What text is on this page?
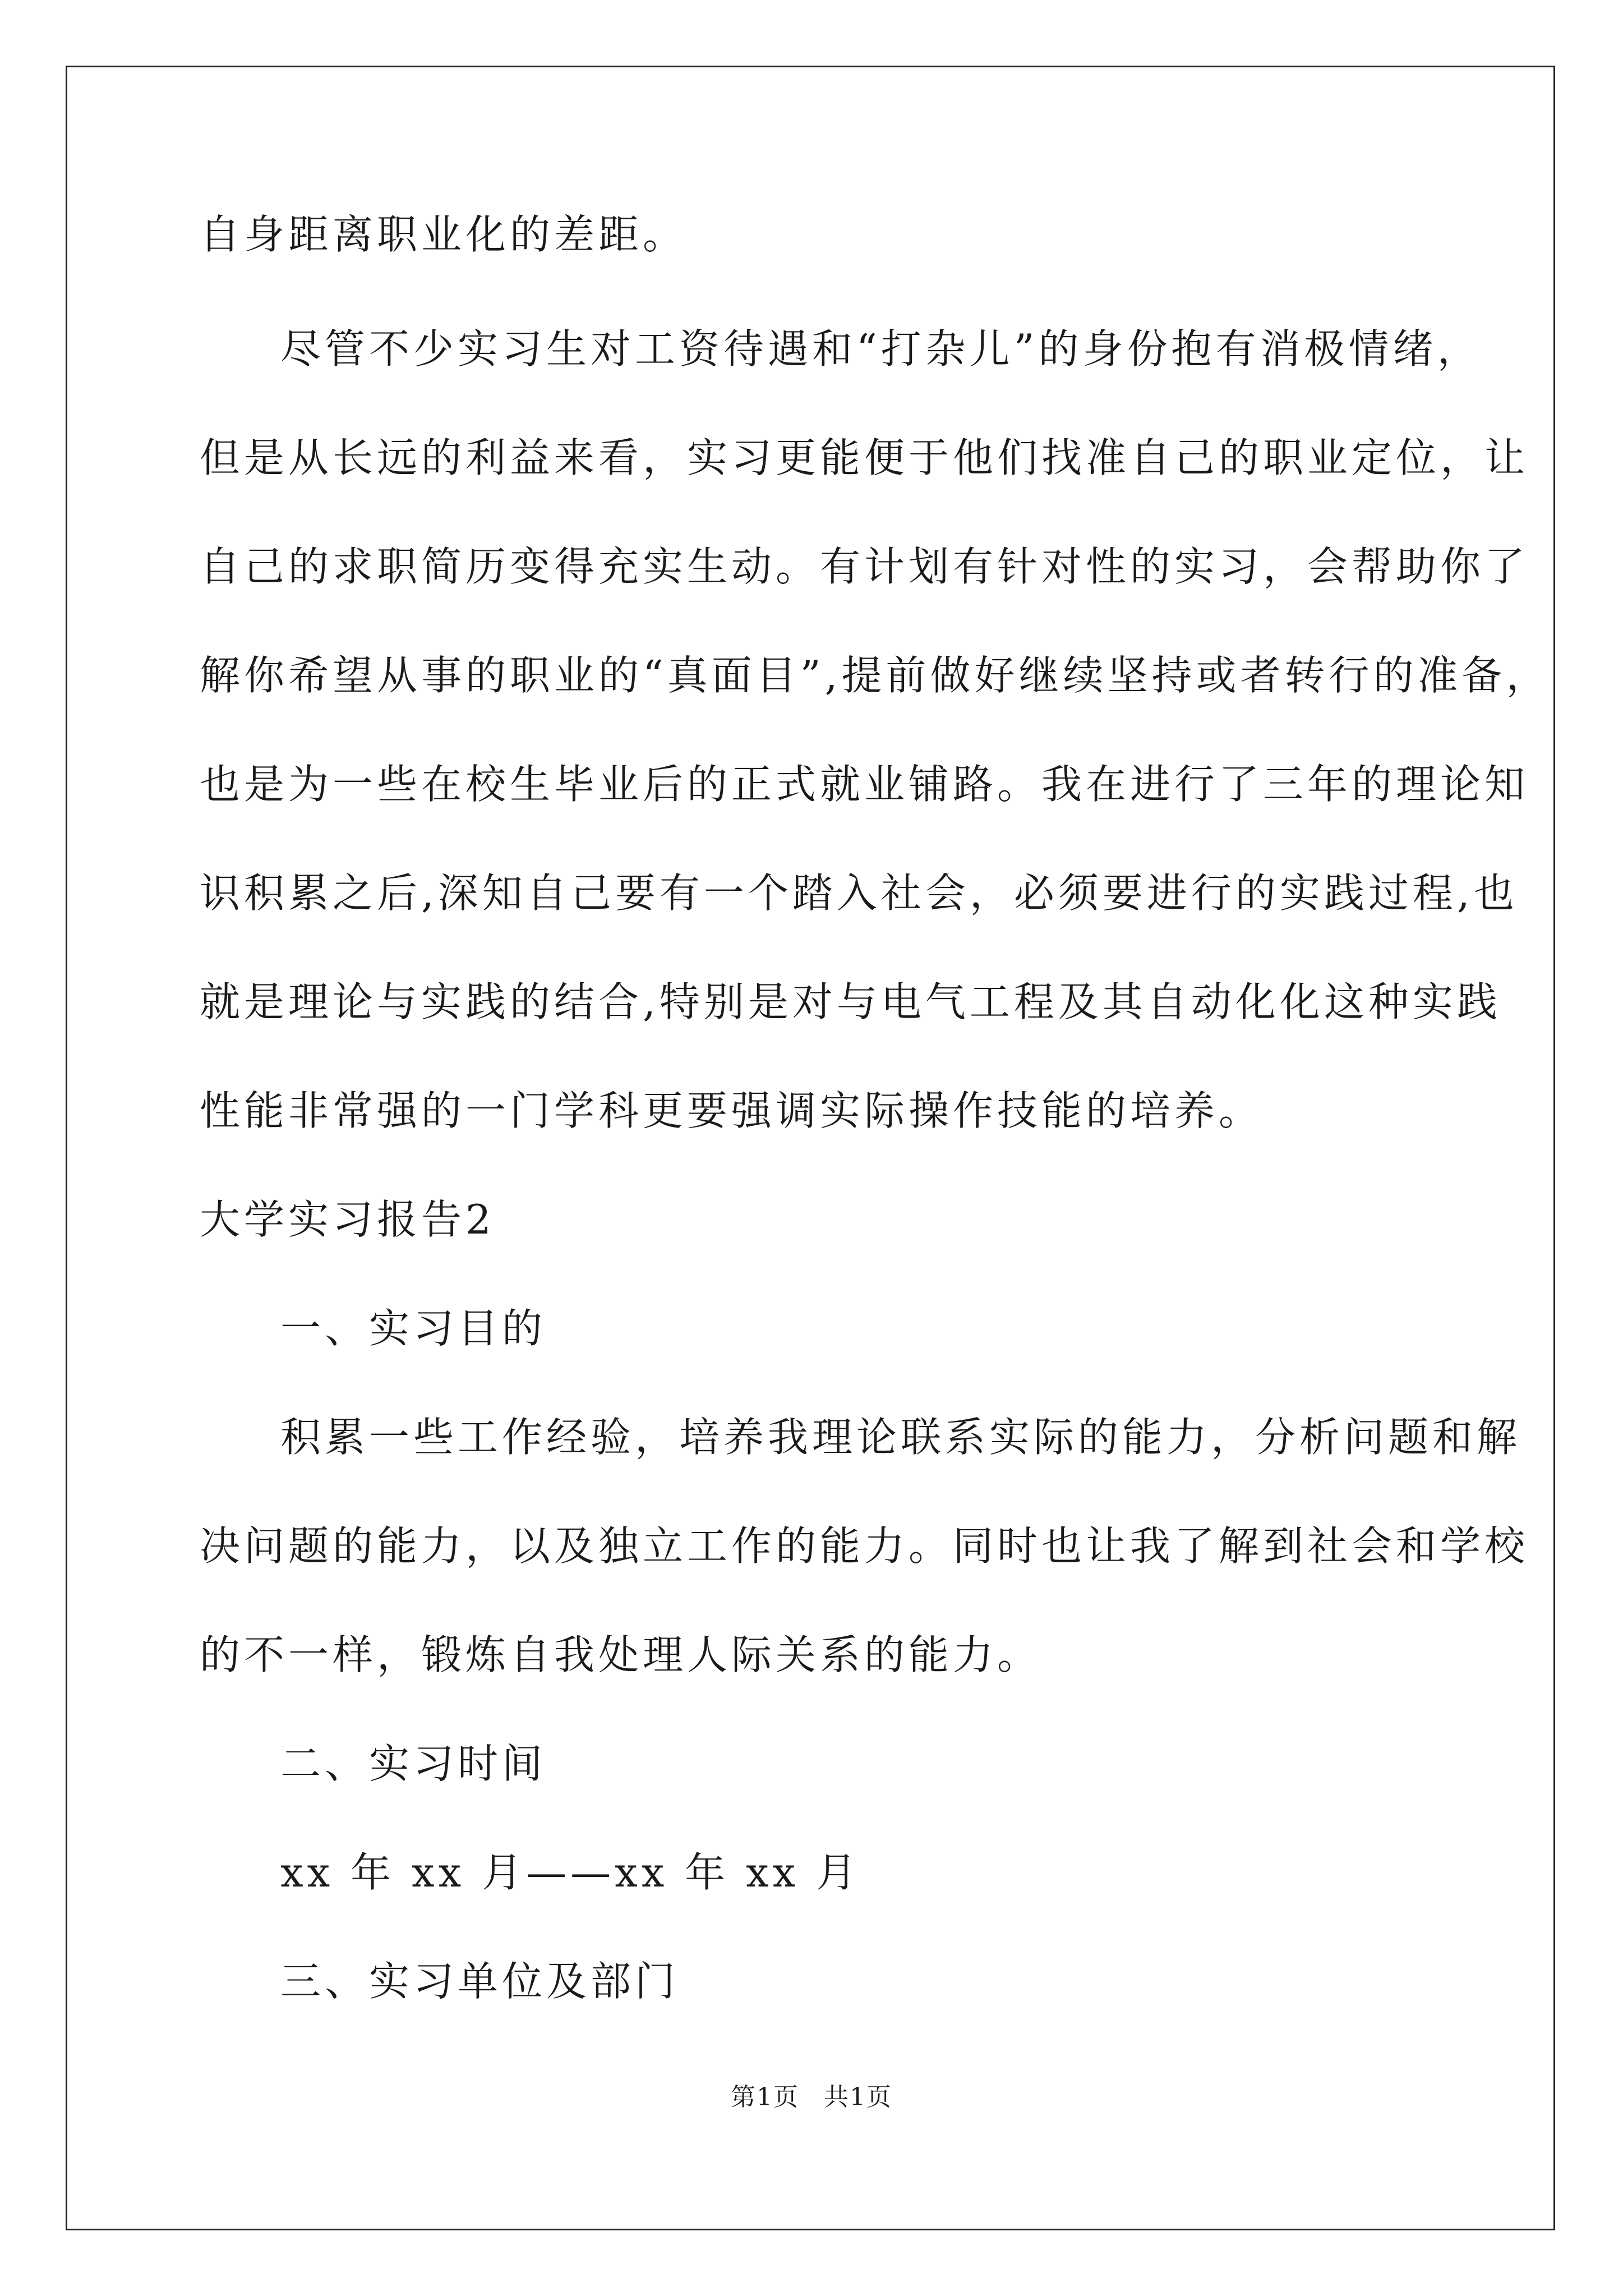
自身距离职业化的差距。
尽管不少实习生对工资待遇和“打杂儿”的身份抱有消极情绪，
但是从长远的利益来看，实习更能便于他们找准自己的职业定位，让
自己的求职简历变得充实生动。有计划有针对性的实习，会帮助你了
解你希望从事的职业的“真面目”,提前做好继续坚持或者转行的准备，
也是为一些在校生毕业后的正式就业铺路。我在进行了三年的理论知
识积累之后,深知自己要有一个踏入社会，必须要进行的实践过程,也
就是理论与实践的结合,特别是对与电气工程及其自动化化这种实践
性能非常强的一门学科更要强调实际操作技能的培养。
大学实习报告2
一、实习目的
积累一些工作经验，培养我理论联系实际的能力，分析问题和解
决问题的能力，以及独立工作的能力。同时也让我了解到社会和学校
的不一样，锻炼自我处理人际关系的能力。
二、实习时间
xx 年 xx 月——xx 年 xx 月
三、实习单位及部门
第1页 共1页
